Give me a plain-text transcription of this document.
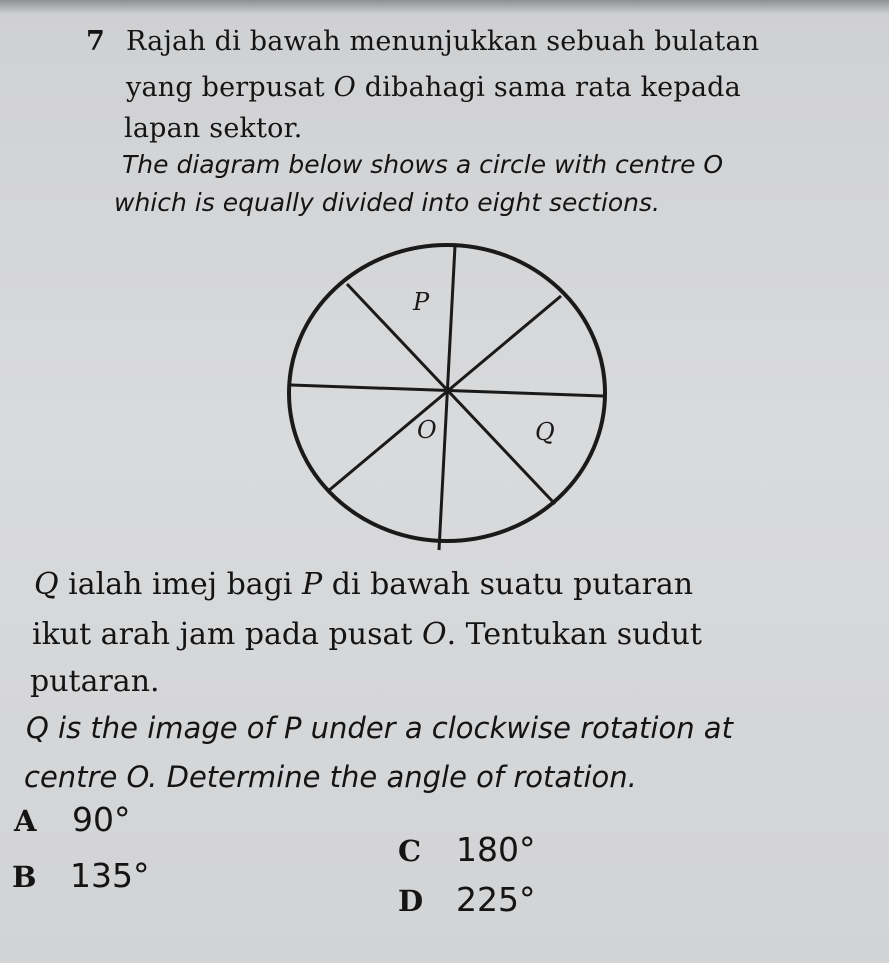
7 Rajah di bawah menunjukkan sebuah bulatan
yang berpusat O dibahagi sama rata kepada
lapan sektor.
The diagram below shows a circle with centre O
which is equally divided into eight sections.
P
O	Q
Q ialah imej bagi P di bawah suatu putaran
ikut arah jam pada pusat O. Tentukan sudut
putaran.
Q is the image of P under a clockwise rotation at
centre O. Determine the angle of rotation.
A 90°
B 135°
C 180°
D 225°
